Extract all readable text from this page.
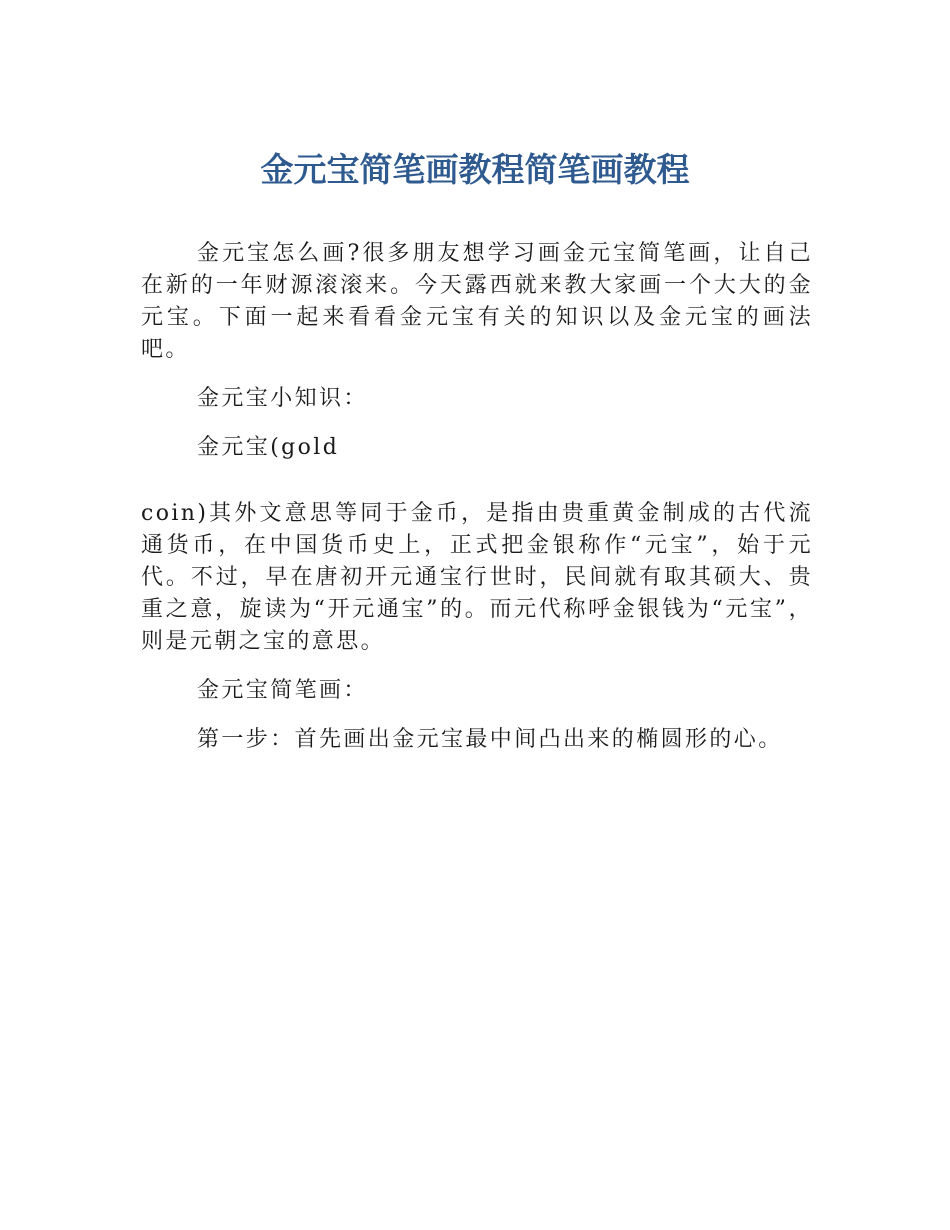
金元宝简笔画教程简笔画教程

金元宝怎么画?很多朋友想学习画金元宝简笔画，让自己在新的一年财源滚滚来。今天露西就来教大家画一个大大的金元宝。下面一起来看看金元宝有关的知识以及金元宝的画法吧。

金元宝小知识：

金元宝(gold

coin)其外文意思等同于金币，是指由贵重黄金制成的古代流通货币，在中国货币史上，正式把金银称作“元宝”，始于元代。不过，早在唐初开元通宝行世时，民间就有取其硕大、贵重之意，旋读为“开元通宝”的。而元代称呼金银钱为“元宝”，则是元朝之宝的意思。

金元宝简笔画：

第一步：首先画出金元宝最中间凸出来的椭圆形的心。
